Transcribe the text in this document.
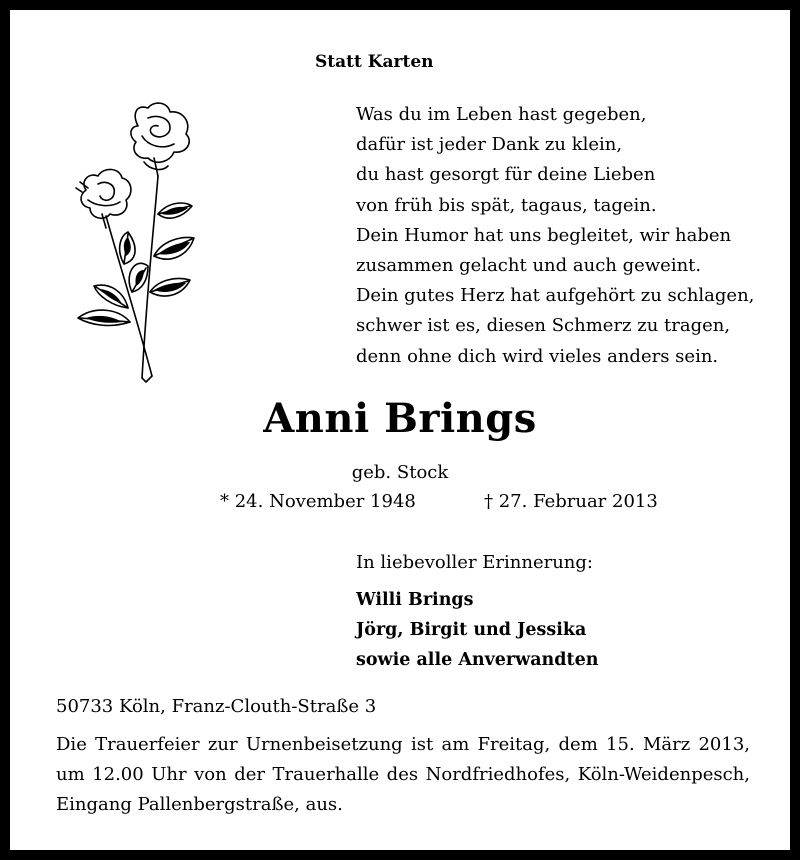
Statt Karten
Was du im Leben hast gegeben,
dafür ist jeder Dank zu klein,
du hast gesorgt für deine Lieben
von früh bis spät, tagaus, tagein.
Dein Humor hat uns begleitet, wir haben
zusammen gelacht und auch geweint.
Dein gutes Herz hat aufgehört zu schlagen,
schwer ist es, diesen Schmerz zu tragen,
denn ohne dich wird vieles anders sein.
Anni Brings
geb. Stock
* 24. November 1948	† 27. Februar 2013
In liebevoller Erinnerung:
Willi Brings
Jörg, Birgit und Jessika
sowie alle Anverwandten
50733 Köln, Franz-Clouth-Straße 3
Die Trauerfeier zur Urnenbeisetzung ist am Freitag, dem 15. März 2013,
um 12.00 Uhr von der Trauerhalle des Nordfriedhofes, Köln-Weidenpesch,
Eingang Pallenbergstraße, aus.
